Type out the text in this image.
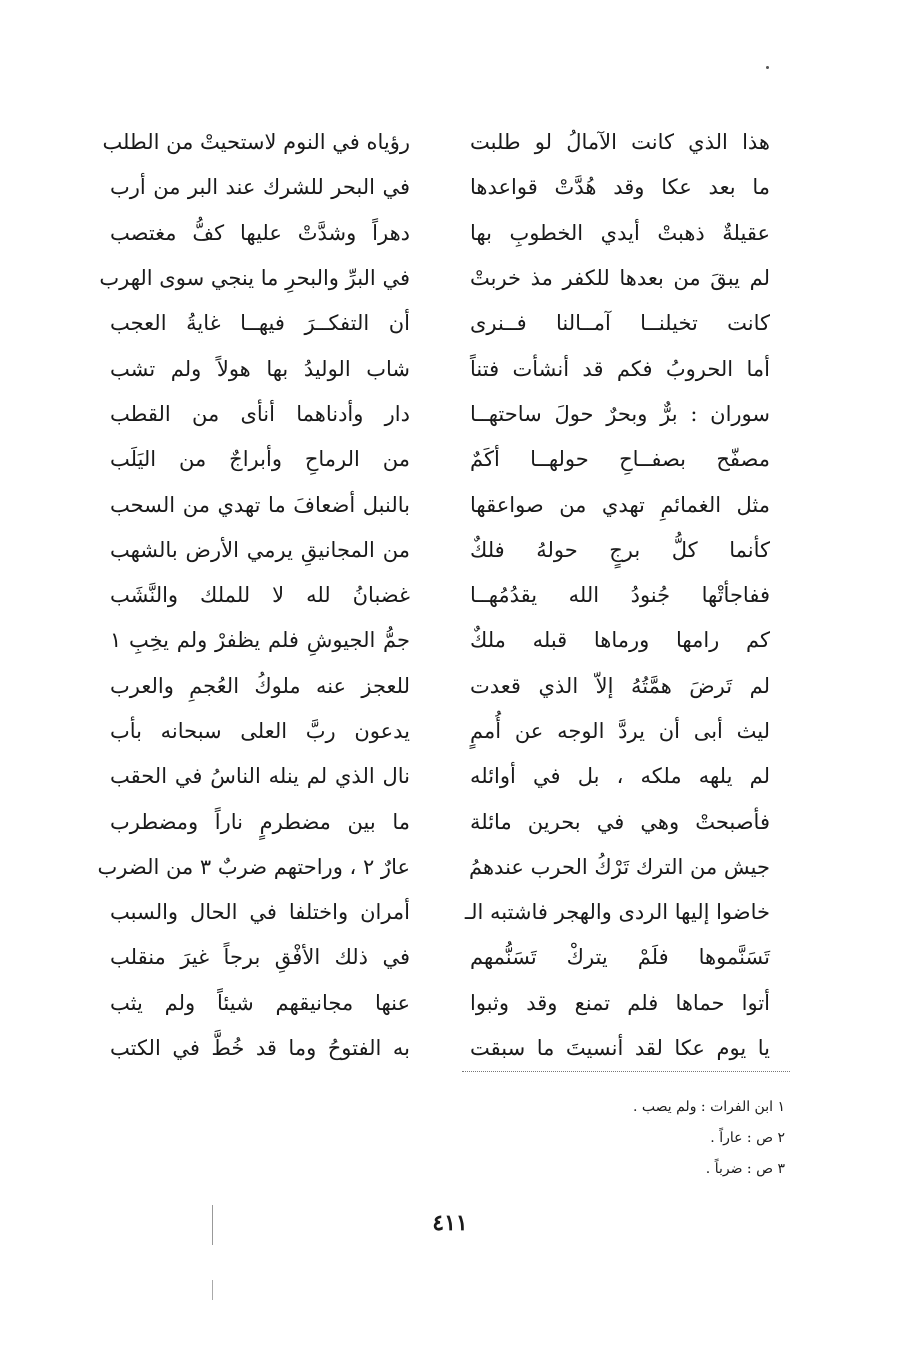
هذا الذي كانت الآمالُ لو طلبت
رؤياه في النوم لاستحيتْ من الطلب
ما بعد عكا وقد هُدَّتْ قواعدها
في البحر للشرك عند البر من أرب
عقيلةٌ ذهبتْ أيدي الخطوبِ بها
دهراً وشدَّتْ عليها كفُّ مغتصب
لم يبقَ من بعدها للكفر مذ خربتْ
في البرِّ والبحرِ ما ينجي سوى الهرب
كانت تخيلنــا آمــالنا فــنرى
أن التفكــرَ فيهــا غايةُ العجب
أما الحروبُ فكم قد أنشأت فتناً
شاب الوليدُ بها هولاً ولم تشب
سوران : برٌّ وبحرٌ حولَ ساحتهــا
دار وأدناهما أنأى من القطب
مصفّح بصفــاحِ حولهــا أكَمٌ
من الرماحِ وأبراجٌ من اليَلَب
مثل الغمائمِ تهدي من صواعقها
بالنبل أضعافَ ما تهدي من السحب
كأنما كلُّ برجٍ حولهُ فلكٌ
من المجانيقِ يرمي الأرض بالشهب
ففاجأتْها جُنودُ الله يقدُمُهــا
غضبانُ لله لا للملك والنَّشَب
كم رامها ورماها قبله ملكٌ
جمُّ الجيوشِ فلم يظفرْ ولم يخِبِ ١
لم تَرضَ همَّتُهُ إلاّ الذي قعدت
للعجز عنه ملوكُ العُجمِ والعرب
ليث أبى أن يردَّ الوجه عن أُممٍ
يدعون ربَّ العلى سبحانه بأب
لم يلهه ملكه ، بل في أوائله
نال الذي لم ينله الناسُ في الحقب
فأصبحتْ وهي في بحرين مائلة
ما بين مضطرمٍ ناراً ومضطرب
جيش من الترك تَرْكُ الحرب عندهمُ
عارٌ ٢ ، وراحتهم ضربٌ ٣ من الضرب
خاضوا إليها الردى والهجر فاشتبه الـ
أمران واختلفا في الحال والسبب
تَسَنَّموها فلَمْ يتركْ تَسَنُّمهم
في ذلك الأفْقِ برجاً غيرَ منقلب
أتوا حماها فلم تمنع وقد وثبوا
عنها مجانيقهم شيئاً ولم يثب
يا يوم عكا لقد أنسيتَ ما سبقت
به الفتوحُ وما قد خُطَّ في الكتب
١ ابن الفرات : ولم يصب .
٢ ص : عاراً .
٣ ص : ضرباً .
٤١١
